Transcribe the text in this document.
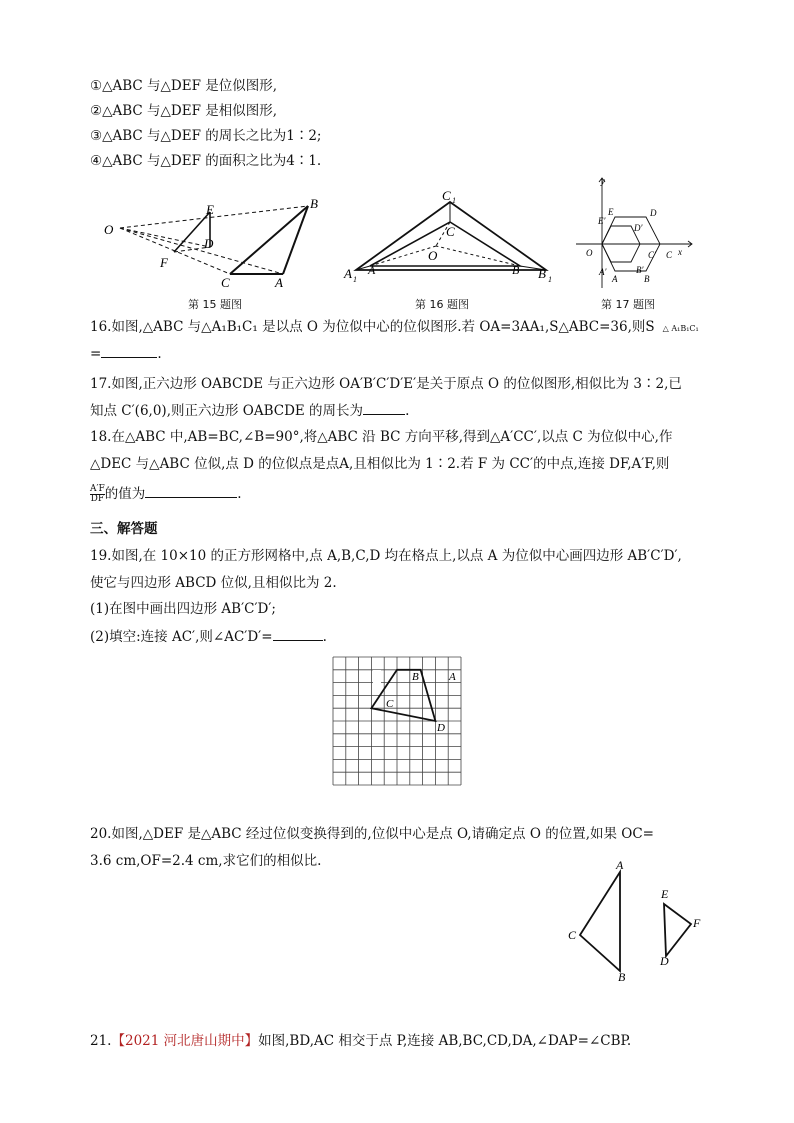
①△ABC 与△DEF 是位似图形,
②△ABC 与△DEF 是相似图形,
③△ABC 与△DEF 的周长之比为1∶2;
④△ABC 与△DEF 的面积之比为4∶1.
O
E	B
D
F
C	A
第 15 题图
C 1
C
O
A 1
A	B B 1
第 16 题图
y
x
O
E	D
E′
D′
C′ C
A′	B′
A	B
第 17 题图
16.如图,△ABC 与△A₁B₁C₁ 是以点 O 为位似中心的位似图形.若 OA=3AA₁,S△ABC=36,则S △ A₁B₁C₁
=	.
17.如图,正六边形 OABCDE 与正六边形 OA′B′C′D′E′是关于原点 O 的位似图形,相似比为 3∶2,已
知点 C′(6,0),则正六边形 OABCDE 的周长为	.
18.在△ABC 中,AB=BC,∠B=90°,将△ABC 沿 BC 方向平移,得到△A′CC′,以点 C 为位似中心,作
△DEC 与△ABC 位似,点 D 的位似点是点A,且相似比为 1∶2.若 F 为 CC′的中点,连接 DF,A′F,则
$\frac{A'F}{DF}$ 的值为	.
三、解答题
19.如图,在 10×10 的正方形网格中,点 A,B,C,D 均在格点上,以点 A 为位似中心画四边形 AB′C′D′,
使它与四边形 ABCD 位似,且相似比为 2.
(1)在图中画出四边形 AB′C′D′;
(2)填空:连接 AC′,则∠AC′D′=	.
B	A
C
D
20.如图,△DEF 是△ABC 经过位似变换得到的,位似中心是点 O,请确定点 O 的位置,如果 OC=
3.6 cm,OF=2.4 cm,求它们的相似比.	A
C
B
E
F
D
21.【2021 河北唐山期中】如图,BD,AC 相交于点 P,连接 AB,BC,CD,DA,∠DAP=∠CBP.
